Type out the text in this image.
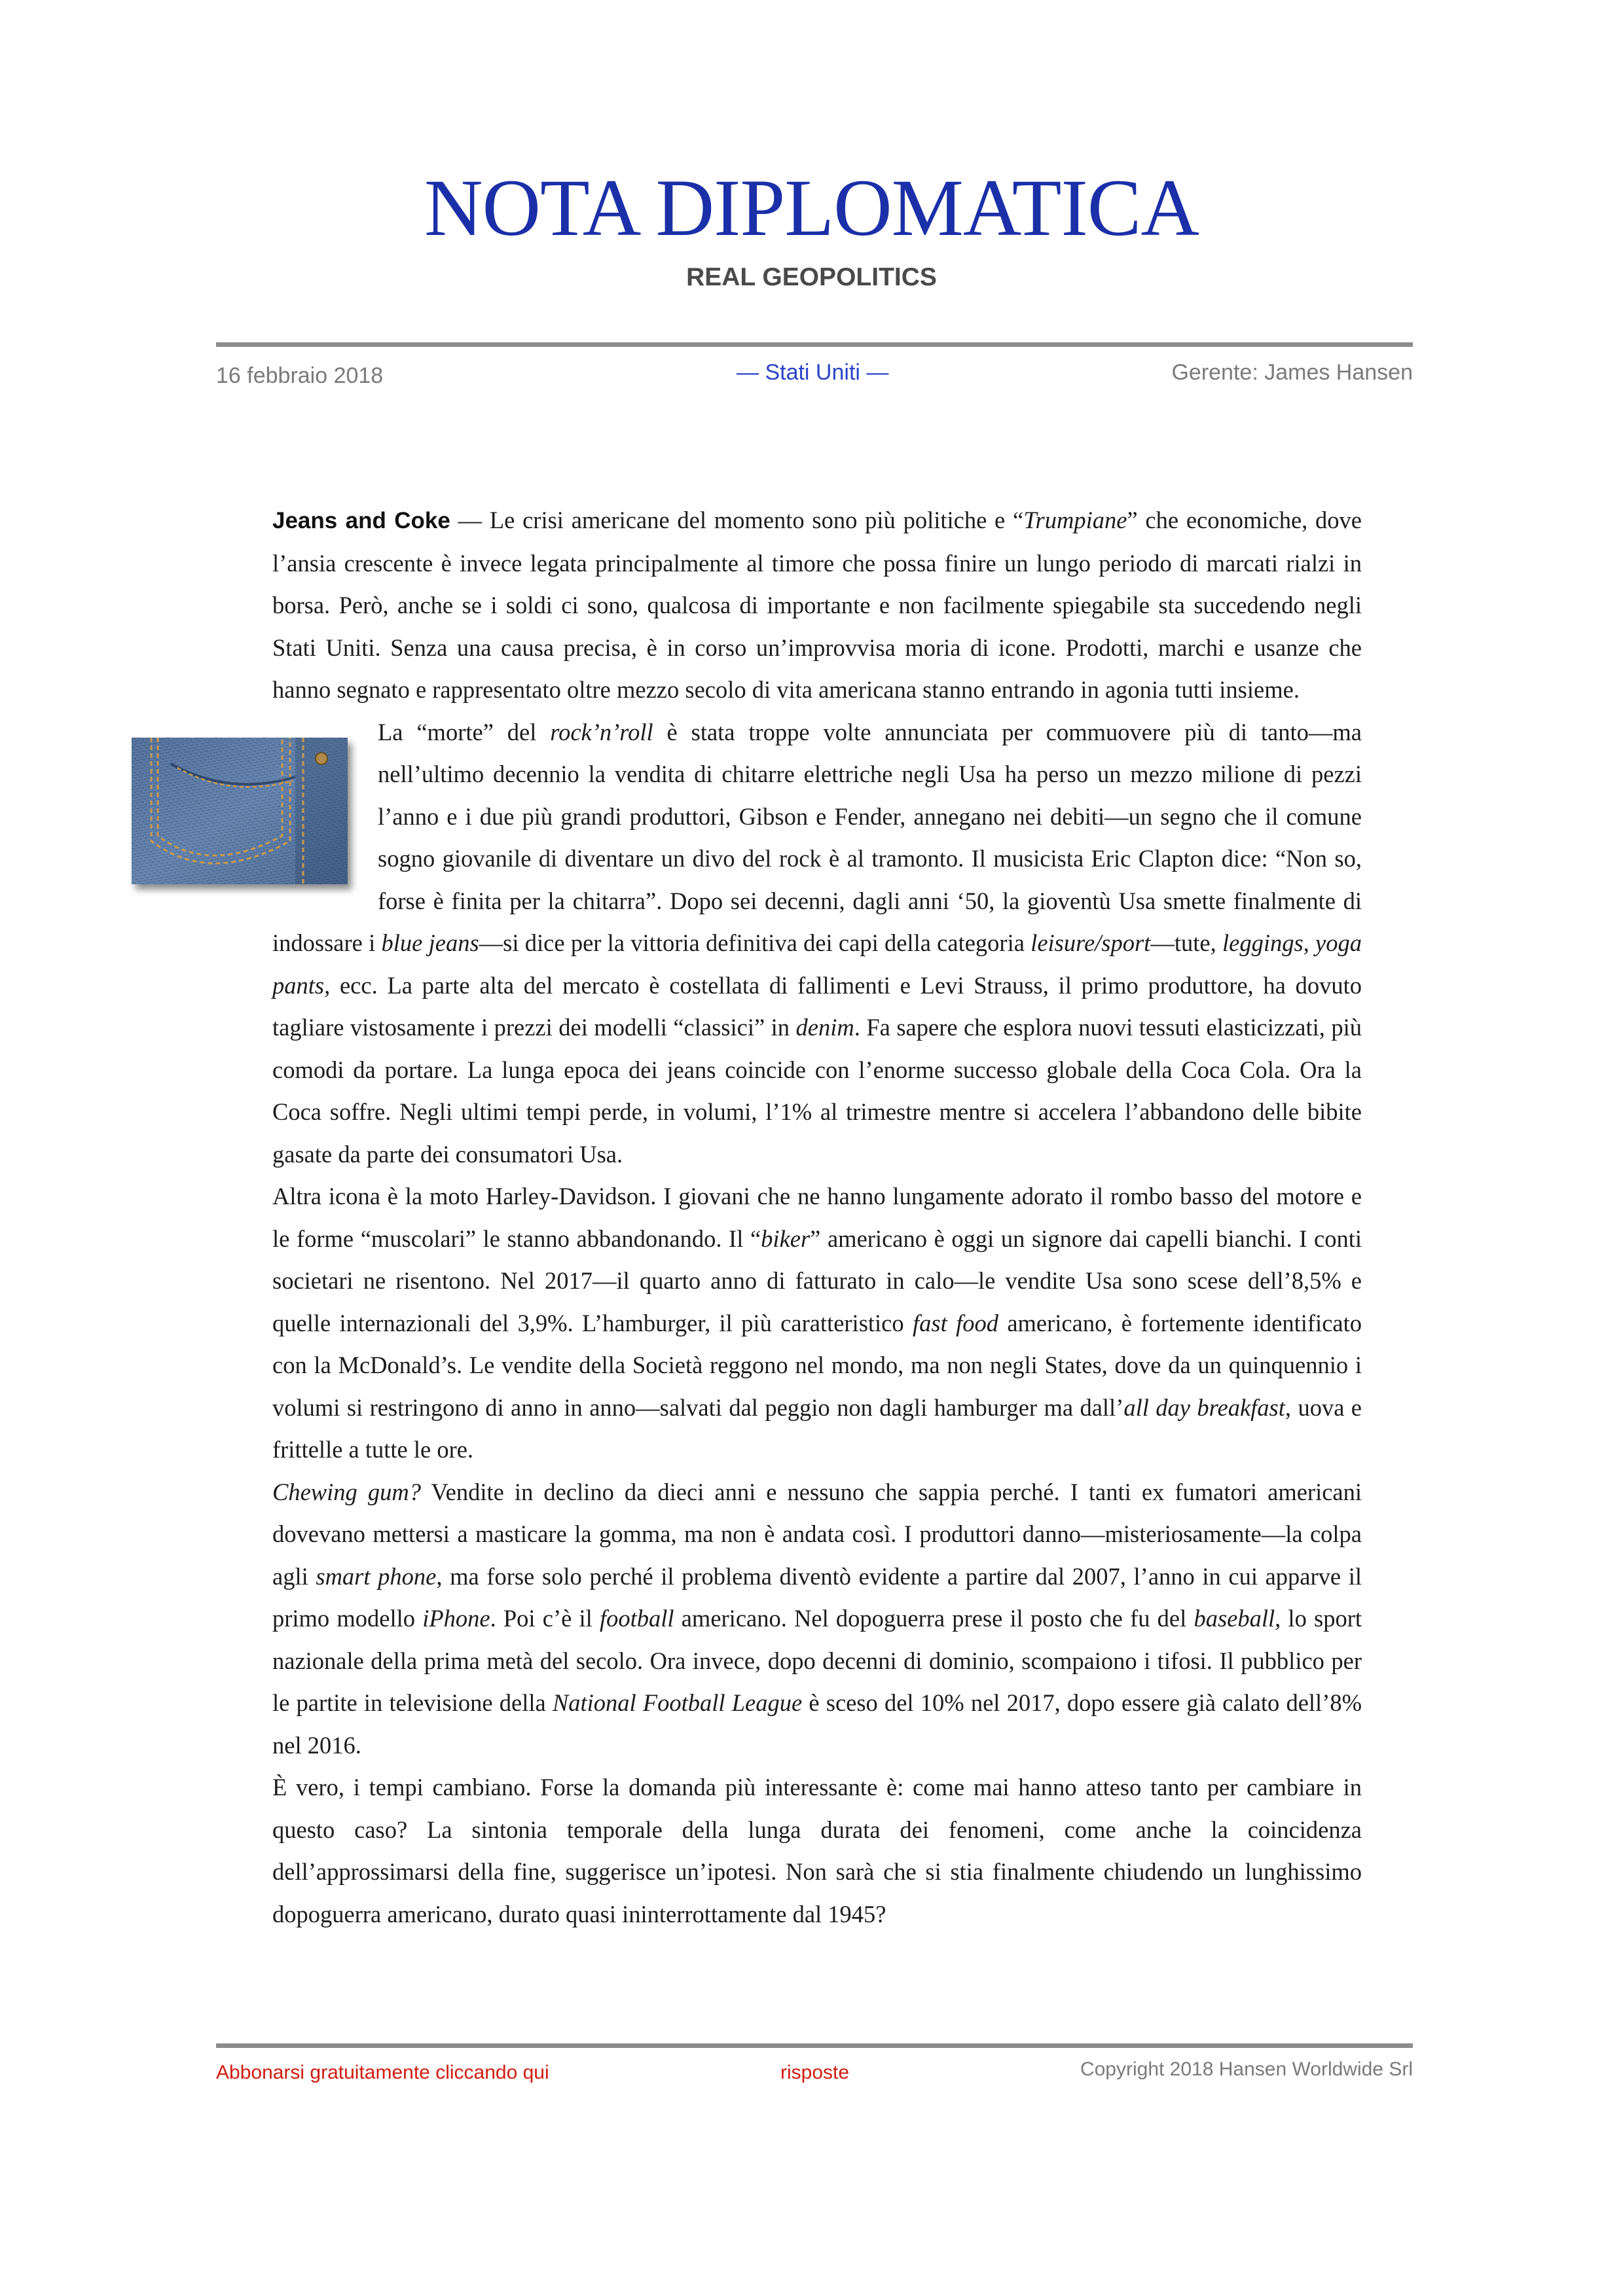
NOTA DIPLOMATICA
REAL GEOPOLITICS
16 febbraio 2018	— Stati Uniti —	Gerente: James Hansen

Jeans and Coke — Le crisi americane del momento sono più politiche e “Trumpiane” che economiche, dove l’ansia crescente è invece legata principalmente al timore che possa finire un lungo periodo di marcati rialzi in borsa. Però, anche se i soldi ci sono, qualcosa di importante e non facilmente spiegabile sta succedendo negli Stati Uniti. Senza una causa precisa, è in corso un’improvvisa moria di icone. Prodotti, marchi e usanze che hanno segnato e rappresentato oltre mezzo secolo di vita americana stanno entrando in agonia tutti insieme.

La “morte” del rock’n’roll è stata troppe volte annunciata per commuovere più di tanto—ma nell’ultimo decennio la vendita di chitarre elettriche negli Usa ha perso un mezzo milione di pezzi l’anno e i due più grandi produttori, Gibson e Fender, annegano nei debiti—un segno che il comune sogno giovanile di diventare un divo del rock è al tramonto. Il musicista Eric Clapton dice: “Non so, forse è finita per la chitarra”. Dopo sei decenni, dagli anni ‘50, la gioventù Usa smette finalmente di indossare i blue jeans—si dice per la vittoria definitiva dei capi della categoria leisure/sport—tute, leggings, yoga pants, ecc. La parte alta del mercato è costellata di fallimenti e Levi Strauss, il primo produttore, ha dovuto tagliare vistosamente i prezzi dei modelli “classici” in denim. Fa sapere che esplora nuovi tessuti elasticizzati, più comodi da portare. La lunga epoca dei jeans coincide con l’enorme successo globale della Coca Cola. Ora la Coca soffre. Negli ultimi tempi perde, in volumi, l’1% al trimestre mentre si accelera l’abbandono delle bibite gasate da parte dei consumatori Usa.

Altra icona è la moto Harley-Davidson. I giovani che ne hanno lungamente adorato il rombo basso del motore e le forme “muscolari” le stanno abbandonando. Il “biker” americano è oggi un signore dai capelli bianchi. I conti societari ne risentono. Nel 2017—il quarto anno di fatturato in calo—le vendite Usa sono scese dell’8,5% e quelle internazionali del 3,9%. L’hamburger, il più caratteristico fast food americano, è fortemente identificato con la McDonald’s. Le vendite della Società reggono nel mondo, ma non negli States, dove da un quinquennio i volumi si restringono di anno in anno—salvati dal peggio non dagli hamburger ma dall’all day breakfast, uova e frittelle a tutte le ore.

Chewing gum? Vendite in declino da dieci anni e nessuno che sappia perché. I tanti ex fumatori americani dovevano mettersi a masticare la gomma, ma non è andata così. I produttori danno—misteriosamente—la colpa agli smart phone, ma forse solo perché il problema diventò evidente a partire dal 2007, l’anno in cui apparve il primo modello iPhone. Poi c’è il football americano. Nel dopoguerra prese il posto che fu del baseball, lo sport nazionale della prima metà del secolo. Ora invece, dopo decenni di dominio, scompaiono i tifosi. Il pubblico per le partite in televisione della National Football League è sceso del 10% nel 2017, dopo essere già calato dell’8% nel 2016.

È vero, i tempi cambiano. Forse la domanda più interessante è: come mai hanno atteso tanto per cambiare in questo caso? La sintonia temporale della lunga durata dei fenomeni, come anche la coincidenza dell’approssimarsi della fine, suggerisce un’ipotesi. Non sarà che si stia finalmente chiudendo un lunghissimo dopoguerra americano, durato quasi ininterrottamente dal 1945?

Abbonarsi gratuitamente cliccando qui	risposte	Copyright 2018 Hansen Worldwide Srl
